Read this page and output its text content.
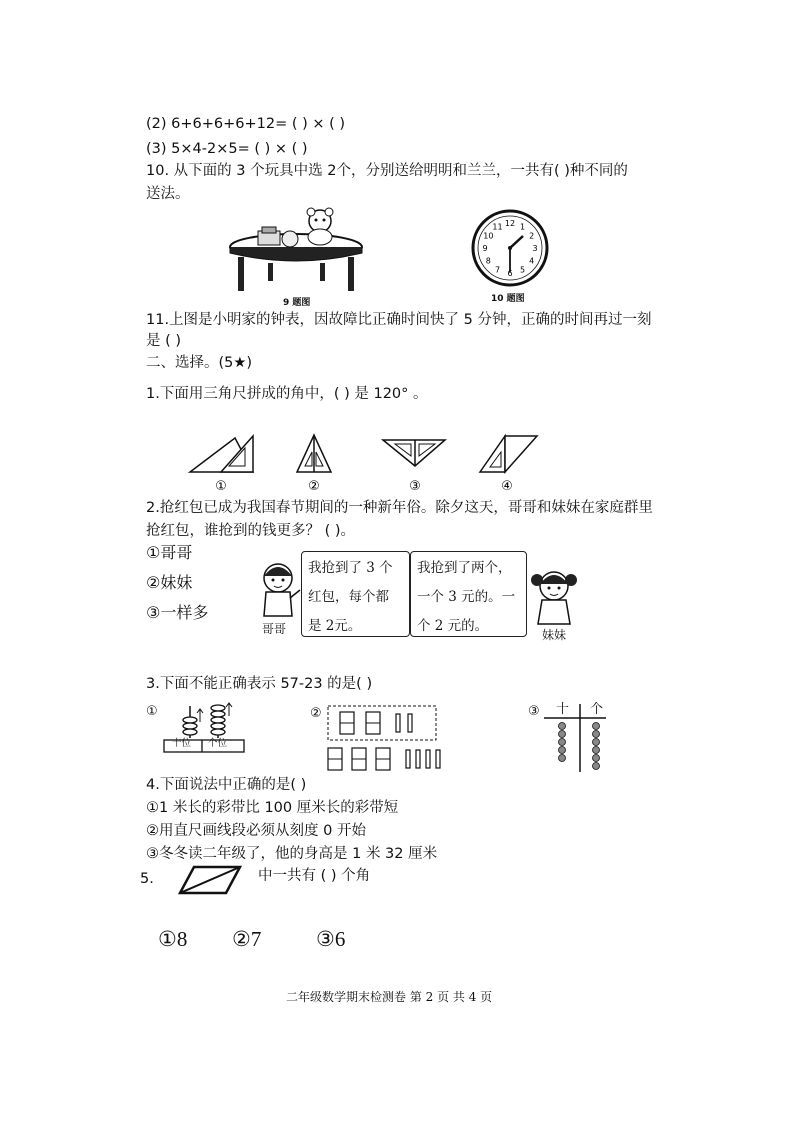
(2) 6+6+6+6+12= ( ) × ( )
(3) 5×4-2×5= ( ) × ( )
10. 从下面的 3 个玩具中选 2个，分别送给明明和兰兰，一共有( )种不同的
送法。
9 题图
12 1
2
3
4
5
6
7
8
9
10
11
10 题图
11.上图是小明家的钟表，因故障比正确时间快了 5 分钟，正确的时间再过一刻
是 ( )
二、选择。(5★)
1.下面用三角尺拼成的角中，( ) 是 120° 。
①	②	③	④
2.抢红包已成为我国春节期间的一种新年俗。除夕这天，哥哥和妹妹在家庭群里
抢红包，谁抢到的钱更多？ ( )。
①哥哥
②妹妹
③一样多
哥哥
我抢到了 3 个
红包，每个都
是 2元。
我抢到了两个，
一个 3 元的。一
个 2 元的。
妹妹
3.下面不能正确表示 57-23 的是( )
①
十位 个位
②	③ 十 个
4.下面说法中正确的是( )
①1 米长的彩带比 100 厘米长的彩带短
②用直尺画线段必须从刻度 0 开始
③冬冬读二年级了，他的身高是 1 米 32 厘米
5.	中一共有 ( ) 个角
①8 ②7	③6
二年级数学期末检测卷 第 2 页 共 4 页
